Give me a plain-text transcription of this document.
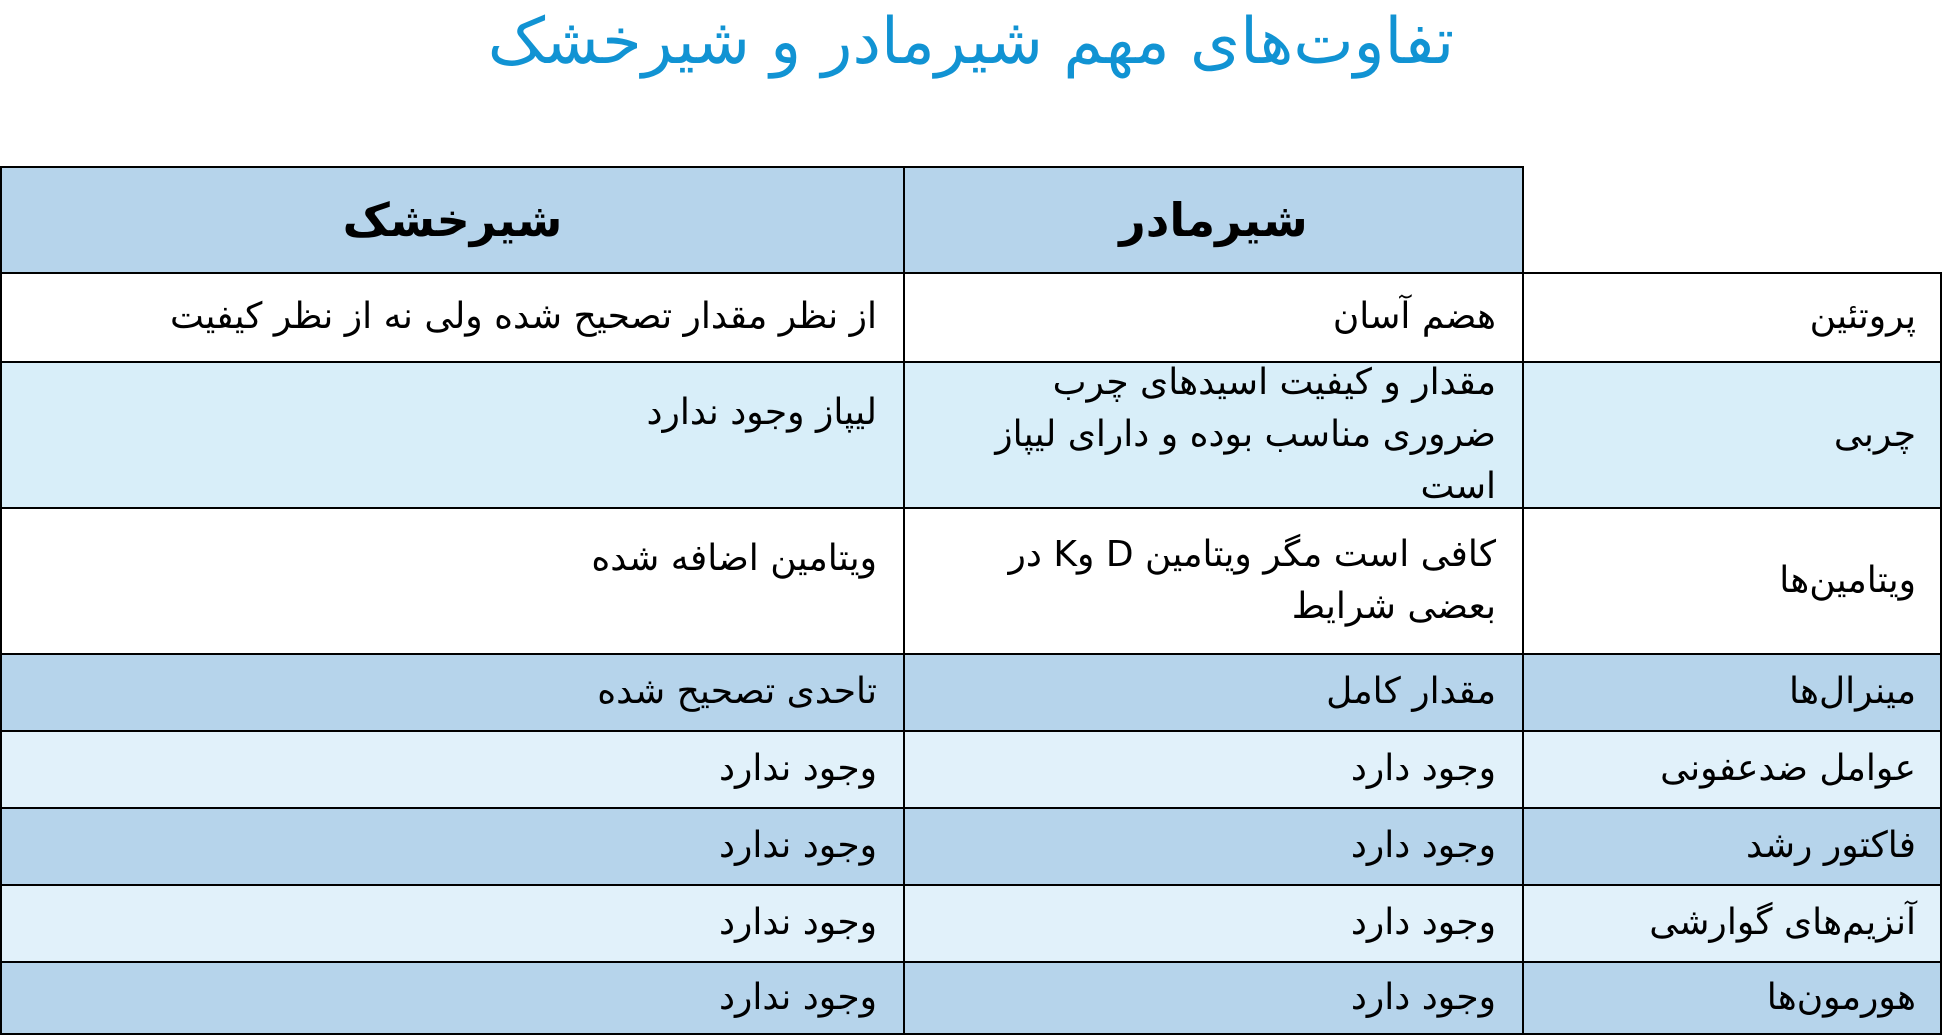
تفاوت‌های مهم شیرمادر و شیرخشک
شیرمادر
شیرخشک
پروتئین
هضم آسان
از نظر مقدار تصحیح شده ولی نه از نظر کیفیت
چربی
مقدار و کیفیت اسیدهای چرب ضروری مناسب بوده و دارای لیپاز است
لیپاز وجود ندارد
ویتامین‌ها
کافی است مگر ویتامین D وK در بعضی شرایط
ویتامین اضافه شده
مینرال‌ها
مقدار کامل
تاحدی تصحیح شده
عوامل ضدعفونی
وجود دارد
وجود ندارد
فاکتور رشد
وجود دارد
وجود ندارد
آنزیم‌های گوارشی
وجود دارد
وجود ندارد
هورمون‌ها
وجود دارد
وجود ندارد
